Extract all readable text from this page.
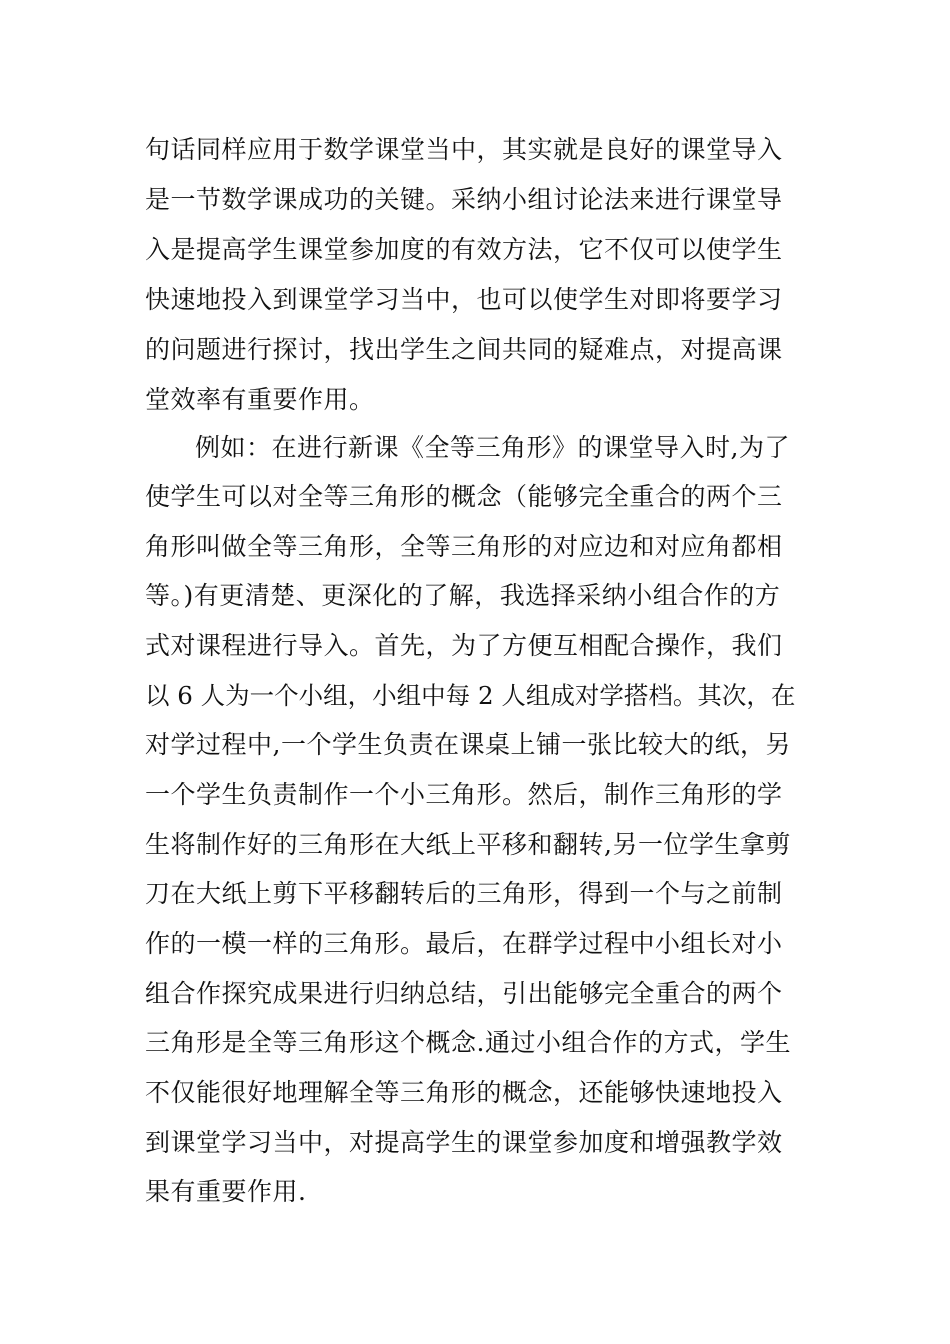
句话同样应用于数学课堂当中，其实就是良好的课堂导入

是一节数学课成功的关键。采纳小组讨论法来进行课堂导

入是提高学生课堂参加度的有效方法，它不仅可以使学生

快速地投入到课堂学习当中，也可以使学生对即将要学习

的问题进行探讨，找出学生之间共同的疑难点，对提高课

堂效率有重要作用。

例如：在进行新课《全等三角形》的课堂导入时,为了

使学生可以对全等三角形的概念（能够完全重合的两个三

角形叫做全等三角形，全等三角形的对应边和对应角都相

等。)有更清楚、更深化的了解，我选择采纳小组合作的方

式对课程进行导入。首先，为了方便互相配合操作，我们

以 6 人为一个小组，小组中每 2 人组成对学搭档。其次，在

对学过程中,一个学生负责在课桌上铺一张比较大的纸，另

一个学生负责制作一个小三角形。然后，制作三角形的学

生将制作好的三角形在大纸上平移和翻转,另一位学生拿剪

刀在大纸上剪下平移翻转后的三角形，得到一个与之前制

作的一模一样的三角形。最后，在群学过程中小组长对小

组合作探究成果进行归纳总结，引出能够完全重合的两个

三角形是全等三角形这个概念.通过小组合作的方式，学生

不仅能很好地理解全等三角形的概念，还能够快速地投入

到课堂学习当中，对提高学生的课堂参加度和增强教学效

果有重要作用.
